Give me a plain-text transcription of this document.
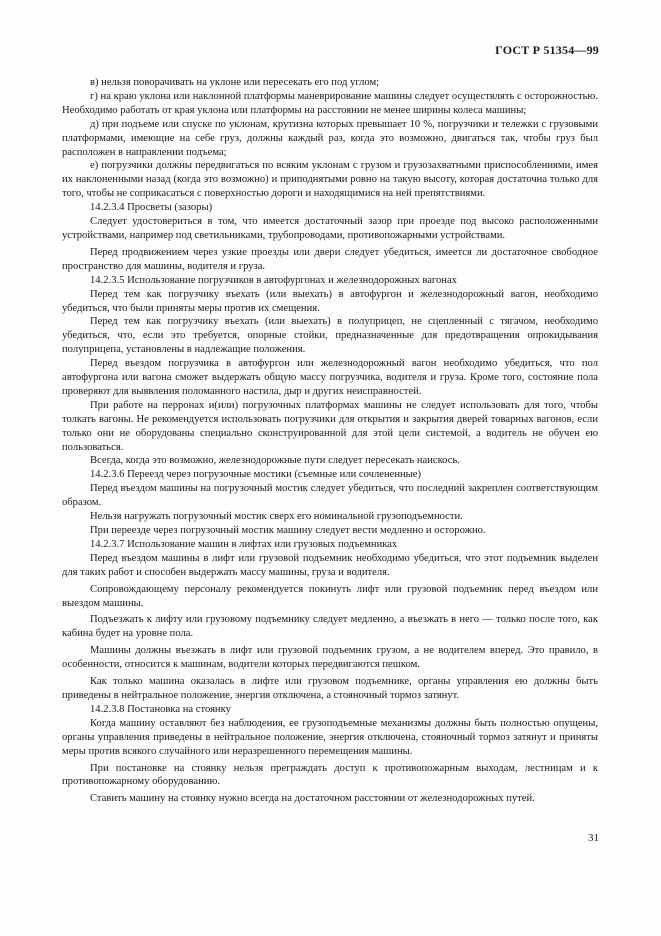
ГОСТ Р 51354—99

в) нельзя поворачивать на уклоне или пересекать его под углом;

г) на краю уклона или наклонной платформы маневрирование машины следует осуществлять с осторожностью. Необходимо работать от края уклона или платформы на расстоянии не менее ширины колеса машины;

д) при подъеме или спуске по уклонам, крутизна которых превышает 10 %, погрузчики и тележки с грузовыми платформами, имеющие на себе груз, должны каждый раз, когда это возможно, двигаться так, чтобы груз был расположен в направлении подъема;

е) погрузчики должны передвигаться по всяким уклонам с грузом и грузозахватными приспособлениями, имея их наклоненными назад (когда это возможно) и приподнятыми ровно на такую высоту, которая достаточна только для того, чтобы не соприкасаться с поверхностью дороги и находящимися на ней препятствиями.

14.2.3.4 Просветы (зазоры)

Следует удостовериться в том, что имеется достаточный зазор при проезде под высоко расположенными устройствами, например под светильниками, трубопроводами, противопожарными устройствами.

Перед продвижением через узкие проезды или двери следует убедиться, имеется ли достаточное свободное пространство для машины, водителя и груза.

14.2.3.5 Использование погрузчиков в автофургонах и железнодорожных вагонах

Перед тем как погрузчику въехать (или выехать) в автофургон и железнодорожный вагон, необходимо убедиться, что были приняты меры против их смещения.

Перед тем как погрузчику въехать (или выехать) в полуприцеп, не сцепленный с тягачом, необходимо убедиться, что, если это требуется, опорные стойки, предназначенные для предотвращения опрокидывания полуприцепа, установлены в надлежащие положения.

Перед въездом погрузчика в автофургон или железнодорожный вагон необходимо убедиться, что пол автофургона или вагона сможет выдержать общую массу погрузчика, водителя и груза. Кроме того, состояние пола проверяют для выявления поломанного настила, дыр и других неисправностей.

При работе на перронах и(или) погрузочных платформах машины не следует использовать для того, чтобы толкать вагоны. Не рекомендуется использовать погрузчики для открытия и закрытия дверей товарных вагонов, если только они не оборудованы специально сконструированной для этой цели системой, а водитель не обучен ею пользоваться.

Всегда, когда это возможно, железнодорожные пути следует пересекать наискось.

14.2.3.6 Переезд через погрузочные мостики (съемные или сочлененные)

Перед въездом машины на погрузочный мостик следует убедиться, что последний закреплен соответствующим образом.

Нельзя нагружать погрузочный мостик сверх его номинальной грузоподъемности.

При переезде через погрузочный мостик машину следует вести медленно и осторожно.

14.2.3.7 Использование машин в лифтах или грузовых подъемниках

Перед въездом машины в лифт или грузовой подъемник необходимо убедиться, что этот подъемник выделен для таких работ и способен выдержать массу машины, груза и водителя.

Сопровождающему персоналу рекомендуется покинуть лифт или грузовой подъемник перед въездом или выездом машины.

Подъезжать к лифту или грузовому подъемнику следует медленно, а въезжать в него — только после того, как кабина будет на уровне пола.

Машины должны въезжать в лифт или грузовой подъемник грузом, а не водителем вперед. Это правило, в особенности, относится к машинам, водители которых передвигаются пешком.

Как только машина оказалась в лифте или грузовом подъемнике, органы управления ею должны быть приведены в нейтральное положение, энергия отключена, а стояночный тормоз затянут.

14.2.3.8 Постановка на стоянку

Когда машину оставляют без наблюдения, ее грузоподъемные механизмы должны быть полностью опущены, органы управления приведены в нейтральное положение, энергия отключена, стояночный тормоз затянут и приняты меры против всякого случайного или неразрешенного перемещения машины.

При постановке на стоянку нельзя преграждать доступ к противопожарным выходам, лестницам и к противопожарному оборудованию.

Ставить машину на стоянку нужно всегда на достаточном расстоянии от железнодорожных путей.

31
